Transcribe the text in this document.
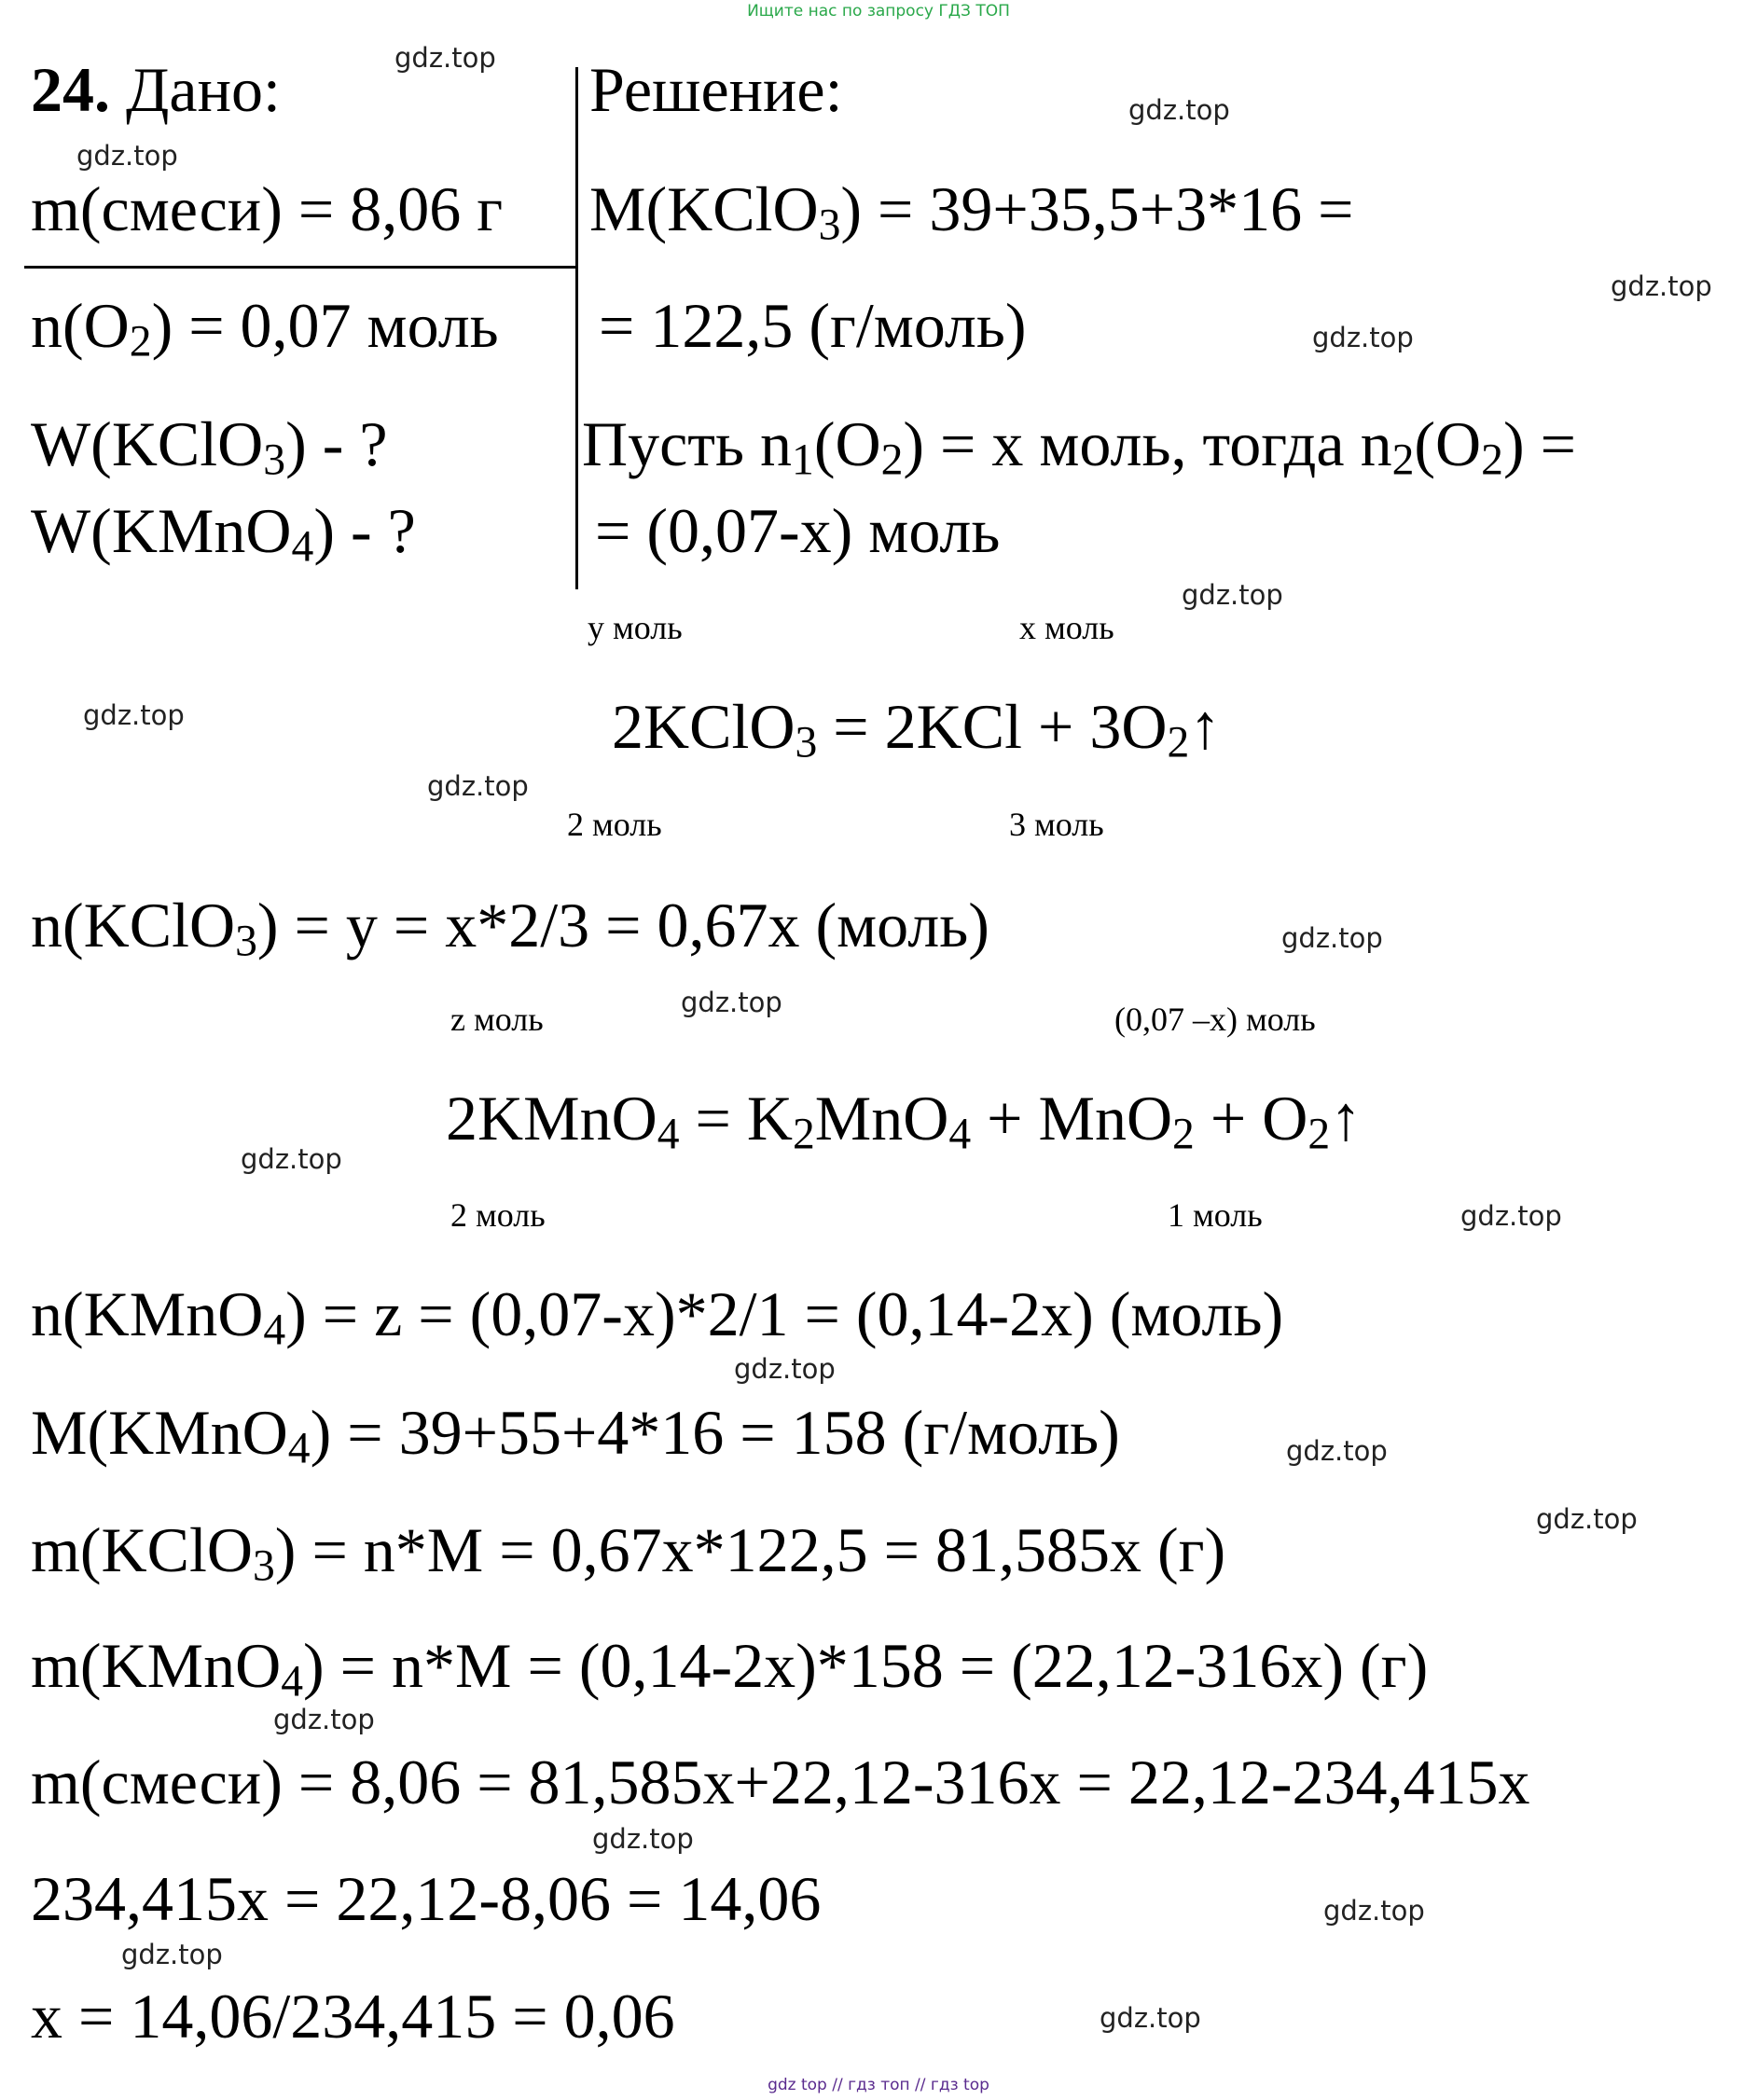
Ищите нас по запросу ГДЗ ТОП
24. Дано:
m(смеси) = 8,06 г
$n(O_2) = 0,07$ моль
W(KClO$_3$) - ?
W(KMnO$_4$) - ?
Решение:
M(KClO$_3$) = 39+35,5+3*16 =
= 122,5 (г/моль)
Пусть $n_1(O_2) = x$ моль, тогда $n_2(O_2)$ =
= (0,07-x) моль
y моль	x моль
2KClO$_3$ = $2KCl + 3O_2↑$
2 моль	3 моль
n(KClO$_3$) = y = x*2/3 = 0,67x (моль)
z моль	(0,07 –x) моль
2KMnO$_4$ = $K_2MnO_4 + MnO_2$ + $O_2↑$
2 моль	1 моль
n(KMnO$_4$) = z = (0,07-x)*2/1 = (0,14-2x) (моль)
M(KMnO$_4$) = 39+55+4*16 = 158 (г/моль)
m(KClO$_3$) = n*M = 0,67x*122,5 = 81,585x (г)
m(KMnO$_4$) = n*M = (0,14-2x)*158 = (22,12-316x) (г)
m(смеси) = 8,06 = 81,585x+22,12-316x = 22,12-234,415x
234,415x = 22,12-8,06 = 14,06
x = 14,06/234,415 = 0,06
gdz.top
gdz.top
gdz.top
gdz.top
gdz.top
gdz.top
gdz.top
gdz.top
gdz.top
gdz.top
gdz.top
gdz.top
gdz.top
gdz.top
gdz.top
gdz.top
gdz.top
gdz.top
gdz.top
gdz.top
gdz top // гдз топ // гдз top
